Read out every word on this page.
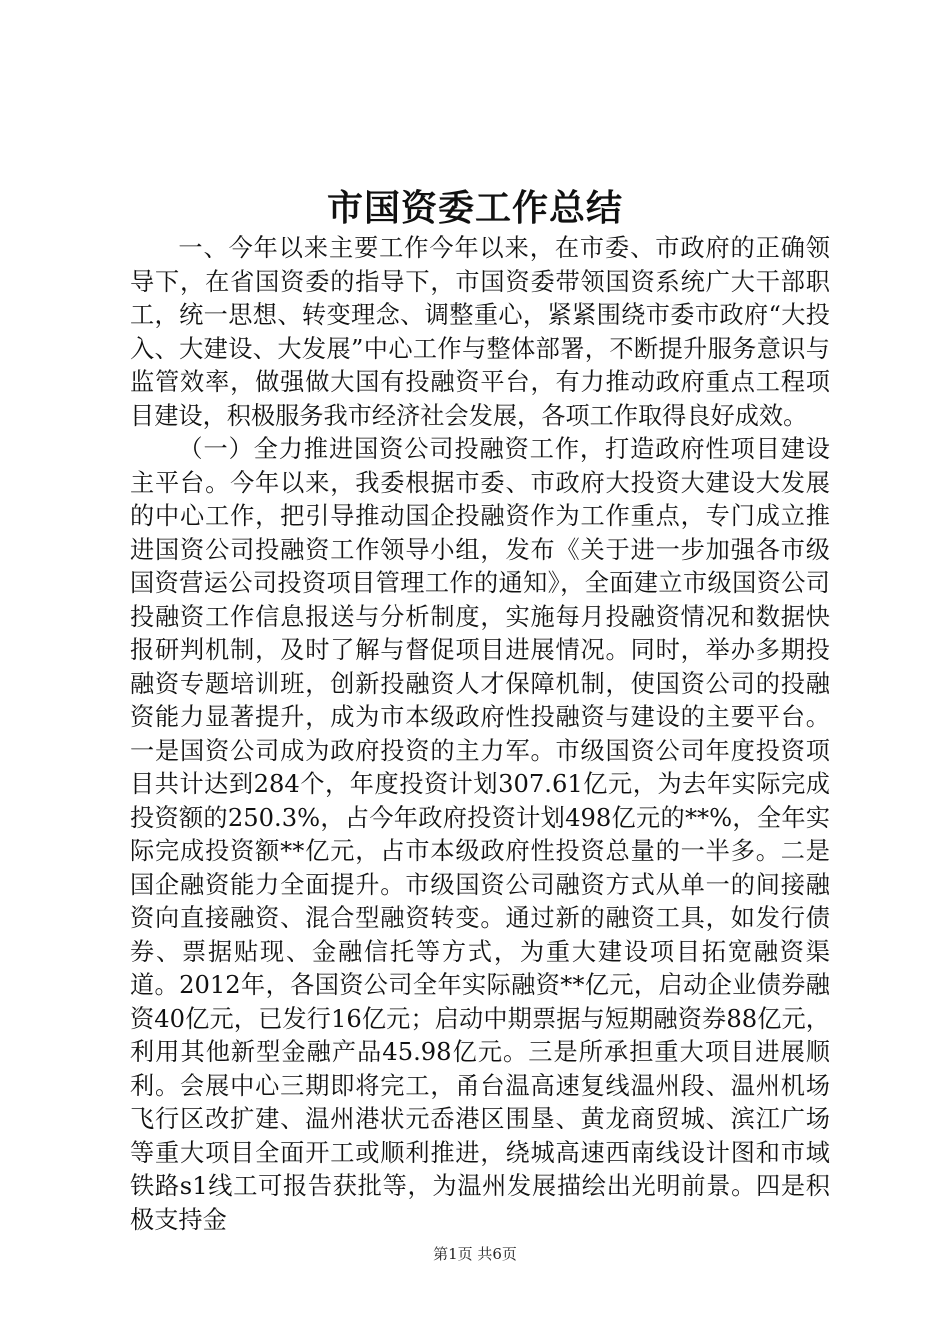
市国资委工作总结

一、今年以来主要工作今年以来，在市委、市政府的正确领导下，在省国资委的指导下，市国资委带领国资系统广大干部职工，统一思想、转变理念、调整重心，紧紧围绕市委市政府“大投入、大建设、大发展”中心工作与整体部署，不断提升服务意识与监管效率，做强做大国有投融资平台，有力推动政府重点工程项目建设，积极服务我市经济社会发展，各项工作取得良好成效。

（一）全力推进国资公司投融资工作，打造政府性项目建设主平台。今年以来，我委根据市委、市政府大投资大建设大发展的中心工作，把引导推动国企投融资作为工作重点，专门成立推进国资公司投融资工作领导小组，发布《关于进一步加强各市级国资营运公司投资项目管理工作的通知》，全面建立市级国资公司投融资工作信息报送与分析制度，实施每月投融资情况和数据快报研判机制，及时了解与督促项目进展情况。同时，举办多期投融资专题培训班，创新投融资人才保障机制，使国资公司的投融资能力显著提升，成为市本级政府性投融资与建设的主要平台。一是国资公司成为政府投资的主力军。市级国资公司年度投资项目共计达到284个，年度投资计划307.61亿元，为去年实际完成投资额的250.3%，占今年政府投资计划498亿元的**%，全年实际完成投资额**亿元，占市本级政府性投资总量的一半多。二是国企融资能力全面提升。市级国资公司融资方式从单一的间接融资向直接融资、混合型融资转变。通过新的融资工具，如发行债券、票据贴现、金融信托等方式，为重大建设项目拓宽融资渠道。2012年，各国资公司全年实际融资**亿元，启动企业债券融资40亿元，已发行16亿元；启动中期票据与短期融资券88亿元，利用其他新型金融产品45.98亿元。三是所承担重大项目进展顺利。会展中心三期即将完工，甬台温高速复线温州段、温州机场飞行区改扩建、温州港状元岙港区围垦、黄龙商贸城、滨江广场等重大项目全面开工或顺利推进，绕城高速西南线设计图和市域铁路s1线工可报告获批等，为温州发展描绘出光明前景。四是积极支持金

第1页 共6页
